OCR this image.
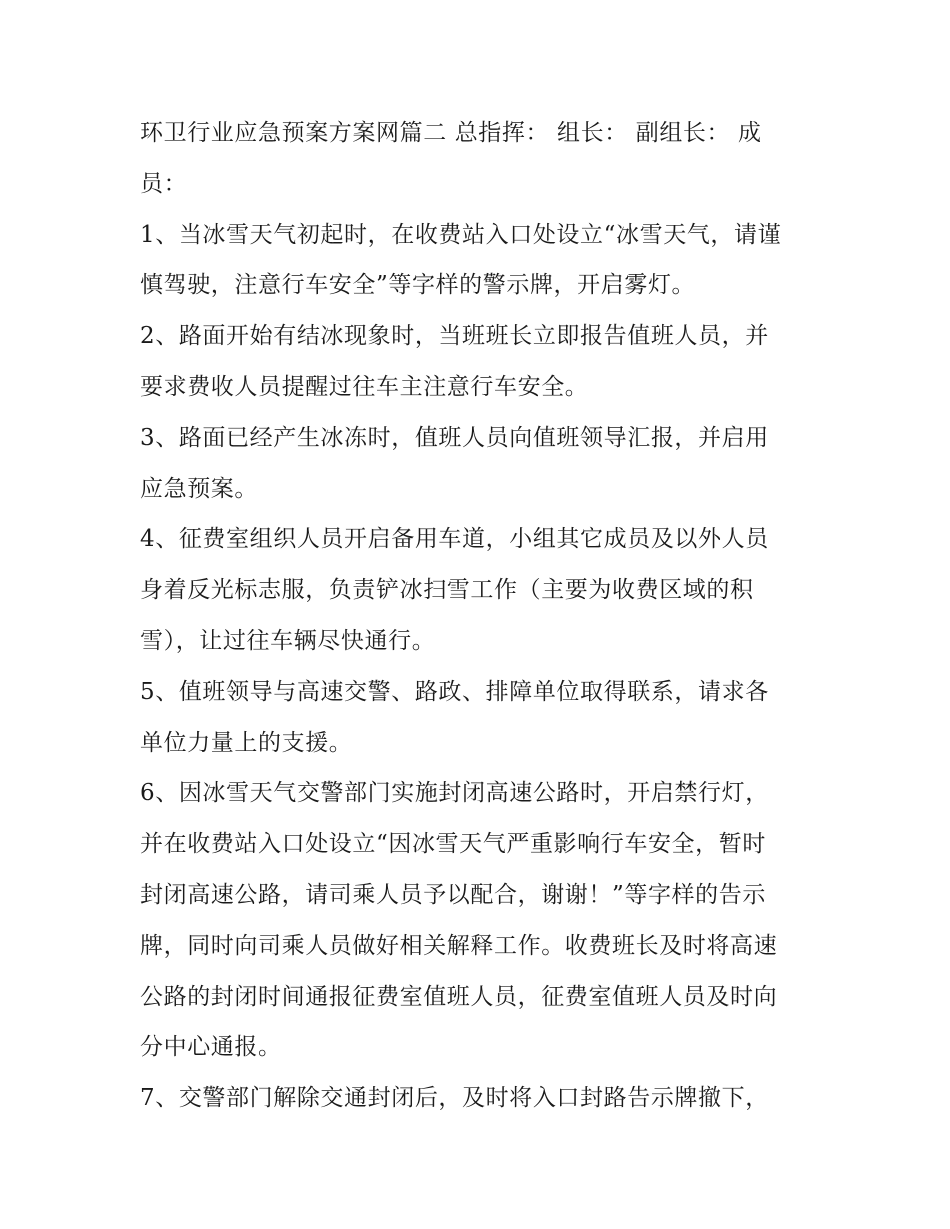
环卫行业应急预案方案网篇二 总指挥： 组长： 副组长： 成
员：

1、当冰雪天气初起时，在收费站入口处设立“冰雪天气，请谨
慎驾驶，注意行车安全”等字样的警示牌，开启雾灯。

2、路面开始有结冰现象时，当班班长立即报告值班人员，并
要求费收人员提醒过往车主注意行车安全。

3、路面已经产生冰冻时，值班人员向值班领导汇报，并启用
应急预案。

4、征费室组织人员开启备用车道，小组其它成员及以外人员
身着反光标志服，负责铲冰扫雪工作（主要为收费区域的积
雪），让过往车辆尽快通行。

5、值班领导与高速交警、路政、排障单位取得联系，请求各
单位力量上的支援。

6、因冰雪天气交警部门实施封闭高速公路时，开启禁行灯，
并在收费站入口处设立“因冰雪天气严重影响行车安全，暂时
封闭高速公路，请司乘人员予以配合，谢谢！”等字样的告示
牌，同时向司乘人员做好相关解释工作。收费班长及时将高速
公路的封闭时间通报征费室值班人员，征费室值班人员及时向
分中心通报。

7、交警部门解除交通封闭后，及时将入口封路告示牌撤下，
